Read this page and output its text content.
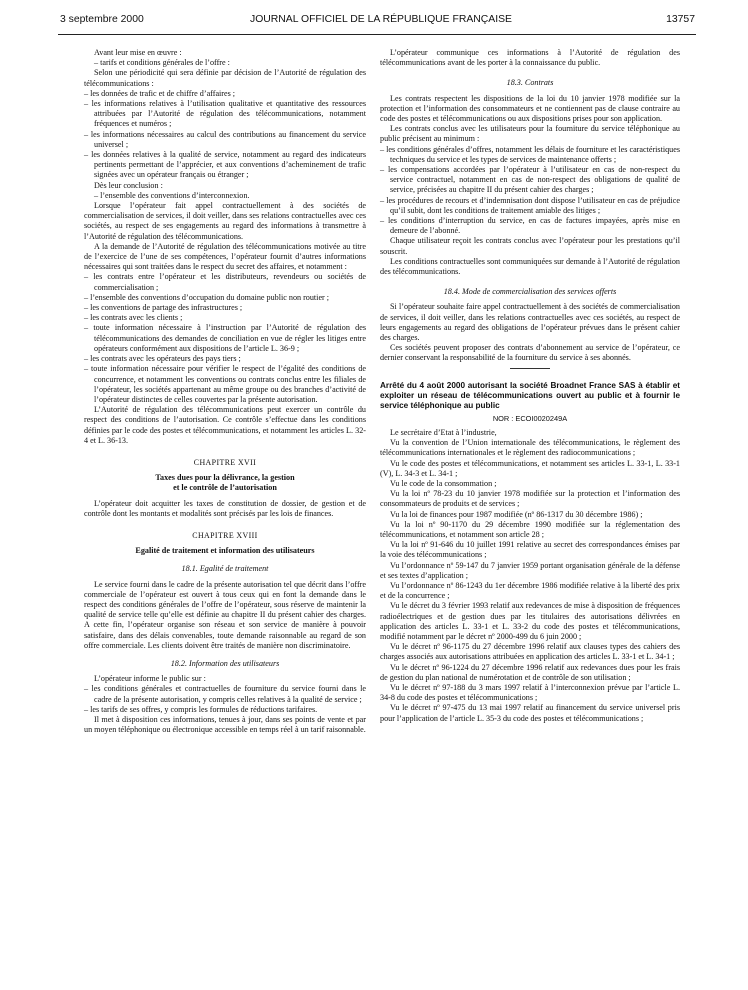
3 septembre 2000	JOURNAL OFFICIEL DE LA RÉPUBLIQUE FRANÇAISE	13757

Avant leur mise en œuvre :

– tarifs et conditions générales de l’offre :

Selon une périodicité qui sera définie par décision de l’Autorité de régulation des télécommunications :

– les données de trafic et de chiffre d’affaires ;

– les informations relatives à l’utilisation qualitative et quantitative des ressources attribuées par l’Autorité de régulation des télécommunications, notamment fréquences et numéros ;

– les informations nécessaires au calcul des contributions au financement du service universel ;

– les données relatives à la qualité de service, notamment au regard des indicateurs pertinents permettant de l’apprécier, et aux conventions d’acheminement de trafic signées avec un opérateur français ou étranger ;

Dès leur conclusion :

– l’ensemble des conventions d’interconnexion.

Lorsque l’opérateur fait appel contractuellement à des sociétés de commercialisation de services, il doit veiller, dans ses relations contractuelles avec ces sociétés, au respect de ses engagements au regard des informations à transmettre à l’Autorité de régulation des télécommunications.

A la demande de l’Autorité de régulation des télécommunications motivée au titre de l’exercice de l’une de ses compétences, l’opérateur fournit d’autres informations nécessaires qui sont traitées dans le respect du secret des affaires, et notamment :

– les contrats entre l’opérateur et les distributeurs, revendeurs ou sociétés de commercialisation ;

– l’ensemble des conventions d’occupation du domaine public non routier ;

– les conventions de partage des infrastructures ;

– les contrats avec les clients ;

– toute information nécessaire à l’instruction par l’Autorité de régulation des télécommunications des demandes de conciliation en vue de régler les litiges entre opérateurs conformément aux dispositions de l’article L. 36-9 ;

– les contrats avec les opérateurs des pays tiers ;

– toute information nécessaire pour vérifier le respect de l’égalité des conditions de concurrence, et notamment les conventions ou contrats conclus entre les filiales de l’opérateur, les sociétés appartenant au même groupe ou des branches d’activité de l’opérateur distinctes de celles couvertes par la présente autorisation.

L’Autorité de régulation des télécommunications peut exercer un contrôle du respect des conditions de l’autorisation. Ce contrôle s’effectue dans les conditions définies par le code des postes et télécommunications, et notamment les articles L. 32-4 et L. 36-13.

CHAPITRE XVII

Taxes dues pour la délivrance, la gestion

et le contrôle de l’autorisation

L’opérateur doit acquitter les taxes de constitution de dossier, de gestion et de contrôle dont les montants et modalités sont précisés par les lois de finances.

CHAPITRE XVIII

Egalité de traitement et information des utilisateurs

18.1. Egalité de traitement

Le service fourni dans le cadre de la présente autorisation tel que décrit dans l’offre commerciale de l’opérateur est ouvert à tous ceux qui en font la demande dans le respect des conditions générales de l’offre de l’opérateur, sous réserve de maintenir la qualité de service telle qu’elle est définie au chapitre II du présent cahier des charges. A cette fin, l’opérateur organise son réseau et son service de manière à pouvoir satisfaire, dans des délais convenables, toute demande raisonnable au regard de son offre commerciale. Les clients doivent être traités de manière non discriminatoire.

18.2. Information des utilisateurs

L’opérateur informe le public sur :

– les conditions générales et contractuelles de fourniture du service fourni dans le cadre de la présente autorisation, y compris celles relatives à la qualité de service ;

– les tarifs de ses offres, y compris les formules de réductions tarifaires.

Il met à disposition ces informations, tenues à jour, dans ses points de vente et par un moyen téléphonique ou électronique accessible en temps réel à un tarif raisonnable.

L’opérateur communique ces informations à l’Autorité de régulation des télécommunications avant de les porter à la connaissance du public.

18.3. Contrats

Les contrats respectent les dispositions de la loi du 10 janvier 1978 modifiée sur la protection et l’information des consommateurs et ne contiennent pas de clause contraire au code des postes et télécommunications ou aux dispositions prises pour son application.

Les contrats conclus avec les utilisateurs pour la fourniture du service téléphonique au public précisent au minimum :

– les conditions générales d’offres, notamment les délais de fourniture et les caractéristiques techniques du service et les types de services de maintenance offerts ;

– les compensations accordées par l’opérateur à l’utilisateur en cas de non-respect du service contractuel, notamment en cas de non-respect des obligations de qualité de service, précisées au chapitre II du présent cahier des charges ;

– les procédures de recours et d’indemnisation dont dispose l’utilisateur en cas de préjudice qu’il subit, dont les conditions de traitement amiable des litiges ;

– les conditions d’interruption du service, en cas de factures impayées, après mise en demeure de l’abonné.

Chaque utilisateur reçoit les contrats conclus avec l’opérateur pour les prestations qu’il souscrit.

Les conditions contractuelles sont communiquées sur demande à l’Autorité de régulation des télécommunications.

18.4. Mode de commercialisation des services offerts

Si l’opérateur souhaite faire appel contractuellement à des sociétés de commercialisation de services, il doit veiller, dans les relations contractuelles avec ces sociétés, au respect de leurs engagements au regard des obligations de l’opérateur prévues dans le présent cahier des charges.

Ces sociétés peuvent proposer des contrats d’abonnement au service de l’opérateur, ce dernier conservant la responsabilité de la fourniture du service à ses abonnés.

Arrêté du 4 août 2000 autorisant la société Broadnet France SAS à établir et exploiter un réseau de télécommunications ouvert au public et à fournir le service téléphonique au public

NOR : ECOI0020249A

Le secrétaire d’Etat à l’industrie,

Vu la convention de l’Union internationale des télécommunications, le règlement des télécommunications internationales et le règlement des radiocommunications ;

Vu le code des postes et télécommunications, et notamment ses articles L. 33-1, L. 33-1 (V), L. 34-3 et L. 34-1 ;

Vu le code de la consommation ;

Vu la loi nº 78-23 du 10 janvier 1978 modifiée sur la protection et l’information des consommateurs de produits et de services ;

Vu la loi de finances pour 1987 modifiée (nº 86-1317 du 30 décembre 1986) ;

Vu la loi nº 90-1170 du 29 décembre 1990 modifiée sur la réglementation des télécommunications, et notamment son article 28 ;

Vu la loi nº 91-646 du 10 juillet 1991 relative au secret des correspondances émises par la voie des télécommunications ;

Vu l’ordonnance nº 59-147 du 7 janvier 1959 portant organisation générale de la défense et ses textes d’application ;

Vu l’ordonnance nº 86-1243 du 1er décembre 1986 modifiée relative à la liberté des prix et de la concurrence ;

Vu le décret du 3 février 1993 relatif aux redevances de mise à disposition de fréquences radioélectriques et de gestion dues par les titulaires des autorisations délivrées en application des articles L. 33-1 et L. 33-2 du code des postes et télécommunications, modifié notamment par le décret nº 2000-499 du 6 juin 2000 ;

Vu le décret nº 96-1175 du 27 décembre 1996 relatif aux clauses types des cahiers des charges associés aux autorisations attribuées en application des articles L. 33-1 et L. 34-1 ;

Vu le décret nº 96-1224 du 27 décembre 1996 relatif aux redevances dues pour les frais de gestion du plan national de numérotation et de contrôle de son utilisation ;

Vu le décret nº 97-188 du 3 mars 1997 relatif à l’interconnexion prévue par l’article L. 34-8 du code des postes et télécommunications ;

Vu le décret nº 97-475 du 13 mai 1997 relatif au financement du service universel pris pour l’application de l’article L. 35-3 du code des postes et télécommunications ;
